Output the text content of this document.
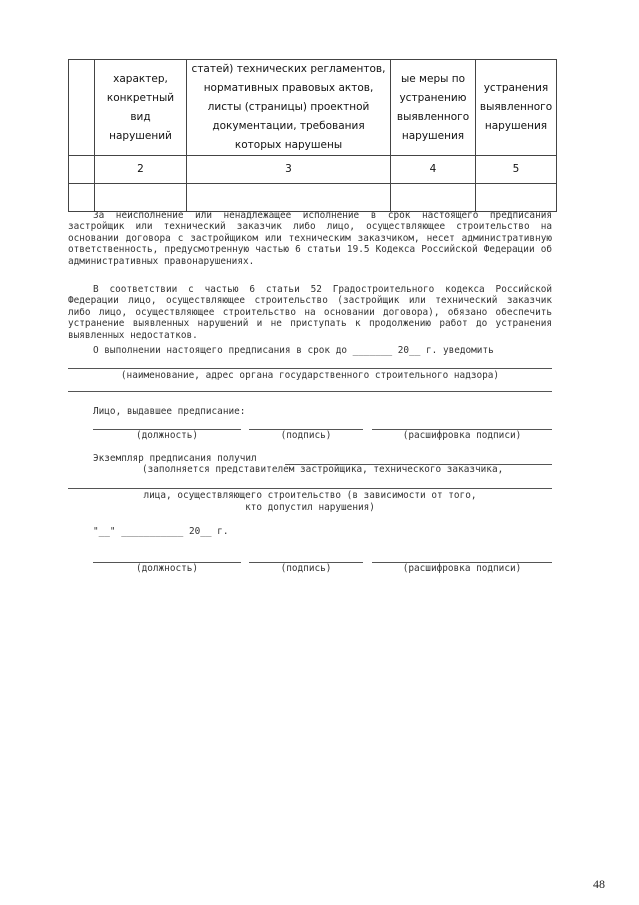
	характер, конкретный вид нарушений	статей) технических регламентов, нормативных правовых актов, листы (страницы) проектной документации, требования которых нарушены	ые меры по устранению выявленного нарушения	устранения выявленного нарушения
	2	3	4	5

За неисполнение или ненадлежащее исполнение в срок настоящего предписания застройщик или технический заказчик либо лицо, осуществляющее строительство на основании договора с застройщиком или техническим заказчиком, несет административную ответственность, предусмотренную частью 6 статьи 19.5 Кодекса Российской Федерации об административных правонарушениях.
В соответствии с частью 6 статьи 52 Градостроительного кодекса Российской Федерации лицо, осуществляющее строительство (застройщик или технический заказчик либо лицо, осуществляющее строительство на основании договора), обязано обеспечить устранение выявленных нарушений и не приступать к продолжению работ до устранения выявленных недостатков.
О выполнении настоящего предписания в срок до _______ 20__ г. уведомить
(наименование, адрес органа государственного строительного надзора)
Лицо, выдавшее предписание:
(должность)	(подпись)	(расшифровка подписи)
Экземпляр предписания получил
(заполняется представителем застройщика, технического заказчика,
лица, осуществляющего строительство (в зависимости от того,
кто допустил нарушения)
"__" ___________ 20__ г.
(должность)	(подпись)	(расшифровка подписи)
48
